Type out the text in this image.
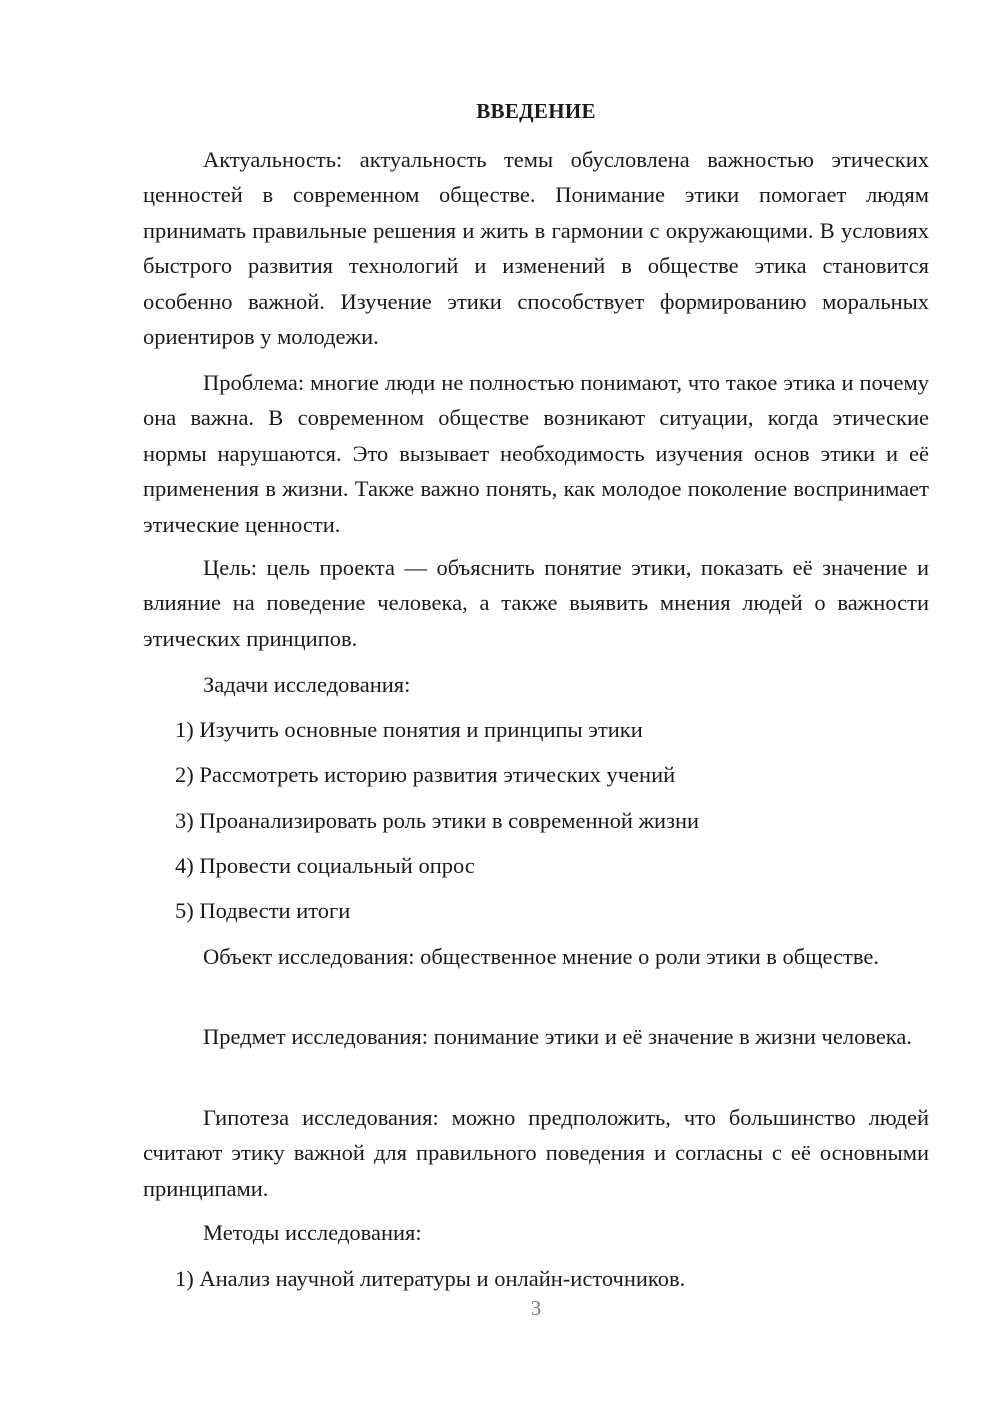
ВВЕДЕНИЕ

Актуальность: актуальность темы обусловлена важностью этических ценностей в современном обществе. Понимание этики помогает людям принимать правильные решения и жить в гармонии с окружающими. В условиях быстрого развития технологий и изменений в обществе этика становится особенно важной. Изучение этики способствует формированию моральных ориентиров у молодежи.

Проблема: многие люди не полностью понимают, что такое этика и почему она важна. В современном обществе возникают ситуации, когда этические нормы нарушаются. Это вызывает необходимость изучения основ этики и её применения в жизни. Также важно понять, как молодое поколение воспринимает этические ценности.

Цель: цель проекта — объяснить понятие этики, показать её значение и влияние на поведение человека, а также выявить мнения людей о важности этических принципов.

Задачи исследования:

1) Изучить основные понятия и принципы этики

2) Рассмотреть историю развития этических учений

3) Проанализировать роль этики в современной жизни

4) Провести социальный опрос

5) Подвести итоги

Объект исследования: общественное мнение о роли этики в обществе.

Предмет исследования: понимание этики и её значение в жизни человека.

Гипотеза исследования: можно предположить, что большинство людей считают этику важной для правильного поведения и согласны с её основными принципами.

Методы исследования:

1) Анализ научной литературы и онлайн-источников.

3
